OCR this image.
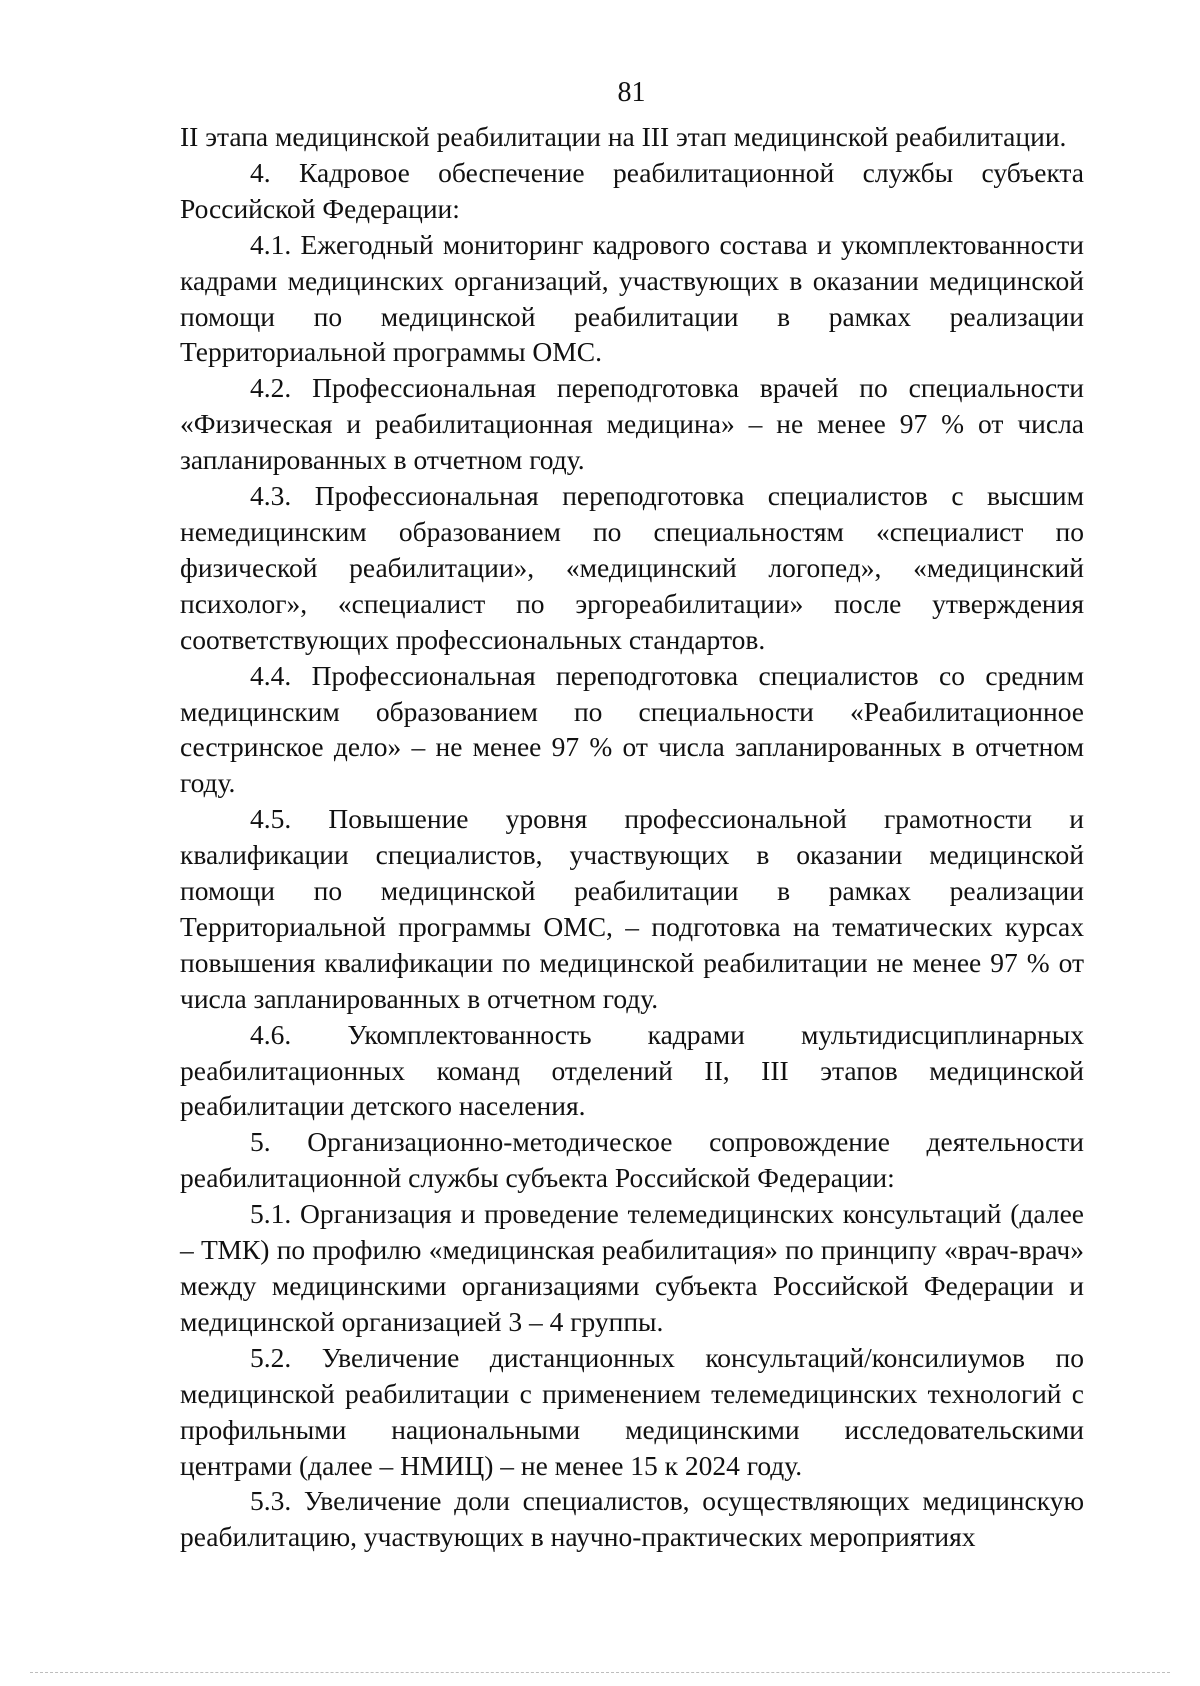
81

II этапа медицинской реабилитации на III этап медицинской реабилитации.

4. Кадровое обеспечение реабилитационной службы субъекта Российской Федерации:

4.1. Ежегодный мониторинг кадрового состава и укомплектованности кадрами медицинских организаций, участвующих в оказании медицинской помощи по медицинской реабилитации в рамках реализации Территориальной программы ОМС.

4.2. Профессиональная переподготовка врачей по специальности «Физическая и реабилитационная медицина» – не менее 97 % от числа запланированных в отчетном году.

4.3. Профессиональная переподготовка специалистов с высшим немедицинским образованием по специальностям «специалист по физической реабилитации», «медицинский логопед», «медицинский психолог», «специалист по эргореабилитации» после утверждения соответствующих профессиональных стандартов.

4.4. Профессиональная переподготовка специалистов со средним медицинским образованием по специальности «Реабилитационное сестринское дело» – не менее 97 % от числа запланированных в отчетном году.

4.5. Повышение уровня профессиональной грамотности и квалификации специалистов, участвующих в оказании медицинской помощи по медицинской реабилитации в рамках реализации Территориальной программы ОМС, – подготовка на тематических курсах повышения квалификации по медицинской реабилитации не менее 97 % от числа запланированных в отчетном году.

4.6. Укомплектованность кадрами мультидисциплинарных реабилитационных команд отделений II, III этапов медицинской реабилитации детского населения.

5. Организационно-методическое сопровождение деятельности реабилитационной службы субъекта Российской Федерации:

5.1. Организация и проведение телемедицинских консультаций (далее – ТМК) по профилю «медицинская реабилитация» по принципу «врач-врач» между медицинскими организациями субъекта Российской Федерации и медицинской организацией 3 – 4 группы.

5.2. Увеличение дистанционных консультаций/консилиумов по медицинской реабилитации с применением телемедицинских технологий с профильными национальными медицинскими исследовательскими центрами (далее – НМИЦ) – не менее 15 к 2024 году.

5.3. Увеличение доли специалистов, осуществляющих медицинскую реабилитацию, участвующих в научно-практических мероприятиях
